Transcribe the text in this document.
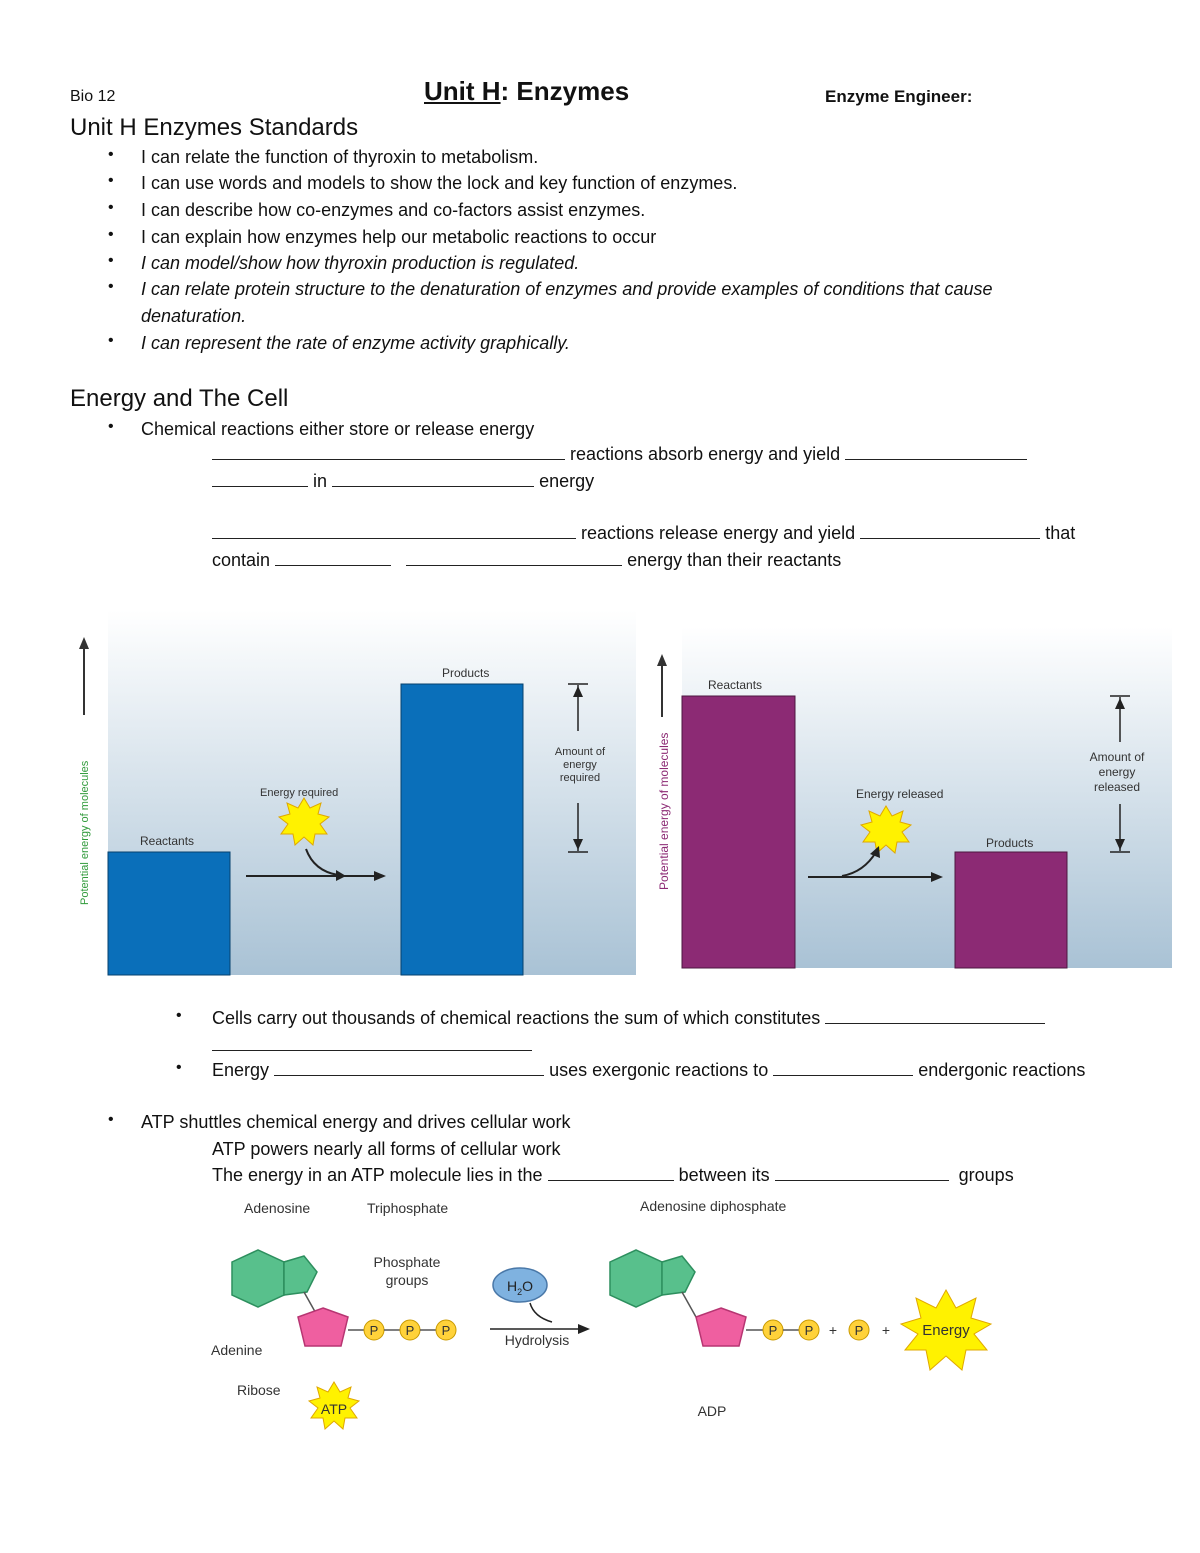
Bio 12	Unit H: Enzymes	Enzyme Engineer:
Unit H Enzymes Standards
• I can relate the function of thyroxin to metabolism.
• I can use words and models to show the lock and key function of enzymes.
• I can describe how co-enzymes and co-factors assist enzymes.
• I can explain how enzymes help our metabolic reactions to occur
• I can model/show how thyroxin production is regulated.
• I can relate protein structure to the denaturation of enzymes and provide examples of conditions that cause
denaturation.
• I can represent the rate of enzyme activity graphically.
Energy and The Cell
• Chemical reactions either store or release energy
reactions absorb energy and yield
in	energy
reactions release energy and yield	that
contain	energy than their reactants
Potential energy of molecules	Reactants
Products
Energy required
Amount of
energy
required	Potential energy of molecules
Reactants
Products
Energy released
Amount of
energy
released
• Cells carry out thousands of chemical reactions the sum of which constitutes
• Energy	uses exergonic reactions to	endergonic reactions
• ATP shuttles chemical energy and drives cellular work
ATP powers nearly all forms of cellular work
The energy in an ATP molecule lies in the	between its	groups
Adenosine	Triphosphate	Adenosine diphosphate
P P P
Phosphate
groups
Adenine
Ribose
ATP
$H_2O$
Hydrolysis
P P + P + Energy
ADP
